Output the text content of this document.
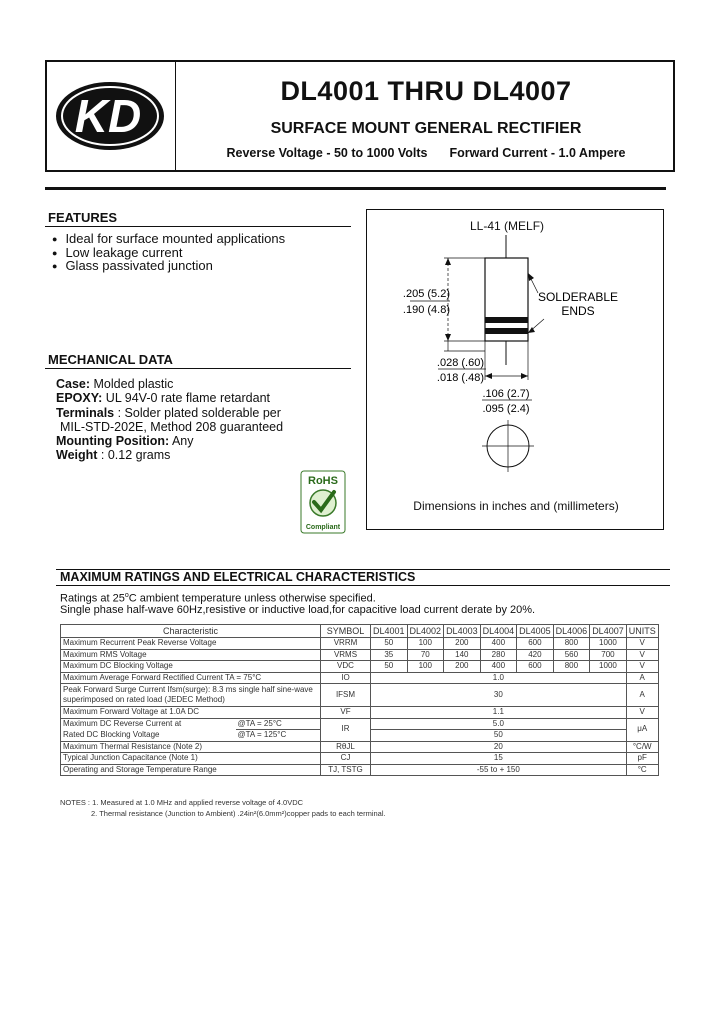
KD	DL4001 THRU DL4007
SURFACE MOUNT GENERAL RECTIFIER
Reverse Voltage - 50 to 1000 Volts Forward Current - 1.0 Ampere
FEATURES
● Ideal for surface mounted applications
● Low leakage current
● Glass passivated junction
MECHANICAL DATA
Case: Molded plastic
EPOXY: UL 94V-0 rate flame retardant
Terminals : Solder plated solderable per
MIL-STD-202E, Method 208 guaranteed
Mounting Position: Any
Weight : 0.12 grams
RoHS
Compliant
LL-41 (MELF)
.205 (5.2)
.190 (4.8)
.028 (.60)
.018 (.48)
.106 (2.7)
.095 (2.4)
SOLDERABLE
ENDS
Dimensions in inches and (millimeters)
MAXIMUM RATINGS AND ELECTRICAL CHARACTERISTICS
Ratings at 25$^o$C ambient temperature unless otherwise specified.
Single phase half-wave 60Hz,resistive or inductive load,for capacitive load current derate by 20%.
Characteristic		SYMBOL	DL4001	DL4002	DL4003	DL4004	DL4005	DL4006	DL4007	UNITS
Maximum Recurrent Peak Reverse Voltage		VRRM	50	100	200	400	600	800	1000	V
Maximum RMS Voltage		VRMS	35	70	140	280	420	560	700	V
Maximum DC Blocking Voltage		VDC	50	100	200	400	600	800	1000	V
Maximum Average Forward Rectified Current TA = 75°C		IO	1.0							A

Peak Forward Surge Current Ifsm(surge): 8.3 ms single half sine-wave
superimposed on rated load (JEDEC Method)		IFSM	30							A
Maximum Forward Voltage at 1.0A DC		VF	1.1							V

Maximum DC Reverse Current at
Rated DC Blocking Voltage	@TA = 25°C	IR	5.0							μA
	@TA = 125°C		50							
Maximum Thermal Resistance (Note 2)		RθJL	20							°C/W
Typical Junction Capacitance (Note 1)		CJ	15							pF
Operating and Storage Temperature Range		TJ, TSTG	-55 to + 150							°C
NOTES : 1. Measured at 1.0 MHz and applied reverse voltage of 4.0VDC
2. Thermal resistance (Junction to Ambient) .24in²(6.0mm²)copper pads to each terminal.
